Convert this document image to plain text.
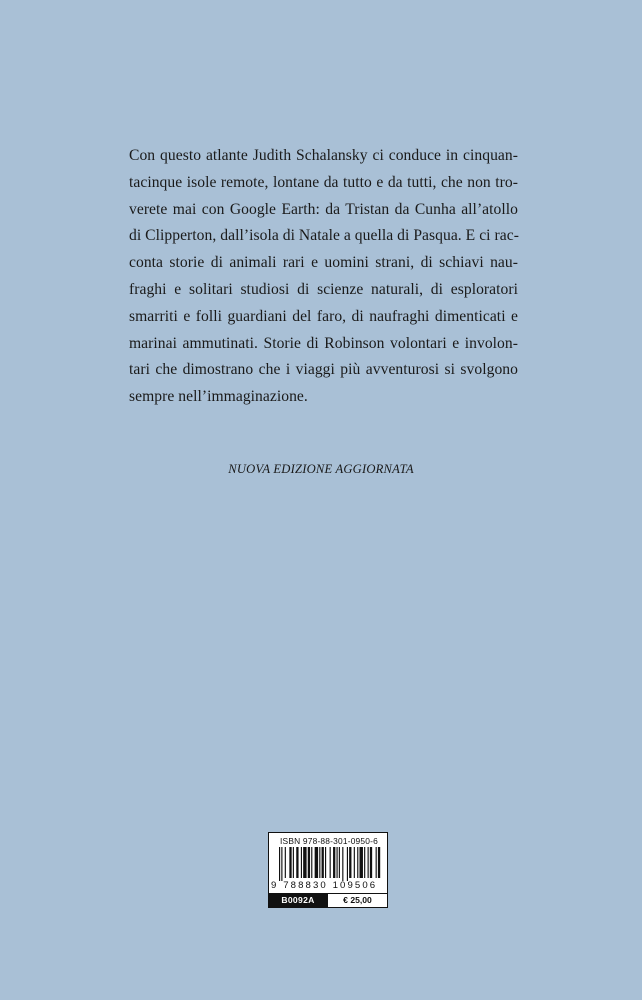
Con questo atlante Judith Schalansky ci conduce in cinquan-
tacinque isole remote, lontane da tutto e da tutti, che non tro-
verete mai con Google Earth: da Tristan da Cunha all’atollo
di Clipperton, dall’isola di Natale a quella di Pasqua. E ci rac-
conta storie di animali rari e uomini strani, di schiavi nau-
fraghi e solitari studiosi di scienze naturali, di esploratori
smarriti e folli guardiani del faro, di naufraghi dimenticati e
marinai ammutinati. Storie di Robinson volontari e involon-
tari che dimostrano che i viaggi più avventurosi si svolgono
sempre nell’immaginazione.

NUOVA EDIZIONE AGGIORNATA

ISBN 978-88-301-0950-6
9 788830 109506
B0092A	€ 25,00
